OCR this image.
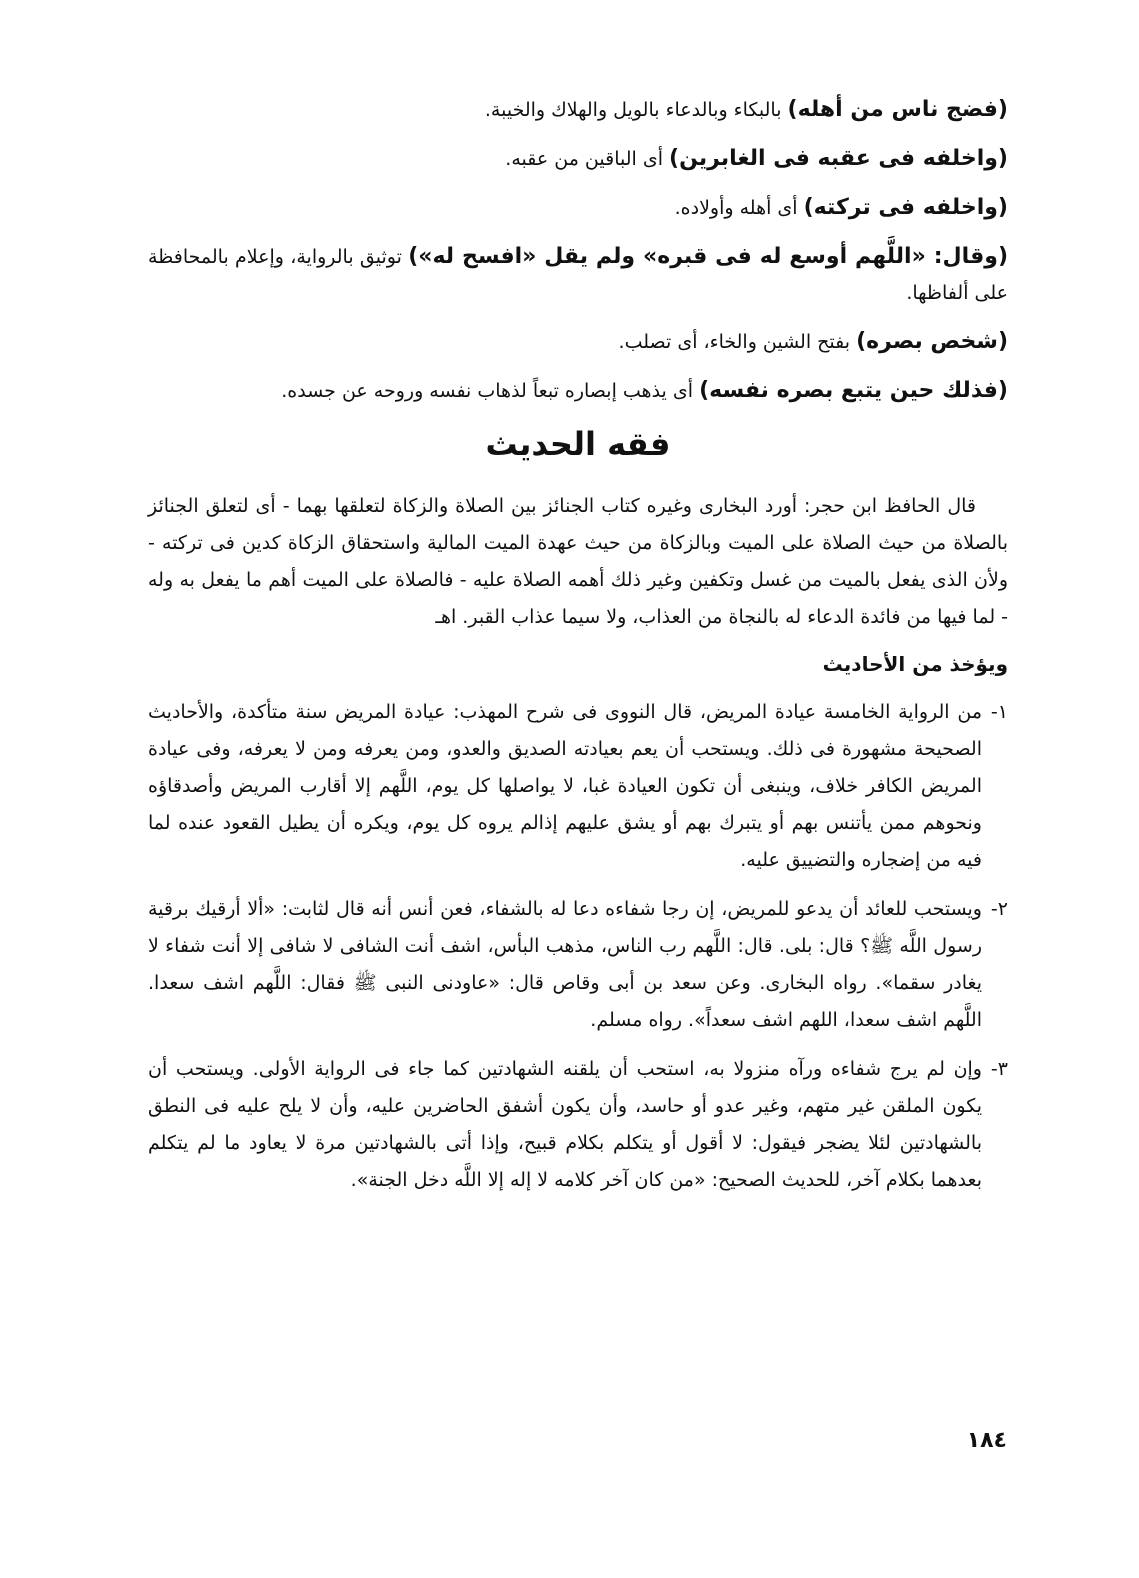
(فضج ناس من أهله) بالبكاء وبالدعاء بالويل والهلاك والخيبة.

(واخلفه فى عقبه فى الغابرين) أى الباقين من عقبه.

(واخلفه فى تركته) أى أهله وأولاده.

(وقال: «اللَّهم أوسع له فى قبره» ولم يقل «افسح له») توثيق بالرواية، وإعلام بالمحافظة على ألفاظها.

(شخص بصره) بفتح الشين والخاء، أى تصلب.

(فذلك حين يتبع بصره نفسه) أى يذهب إبصاره تبعاً لذهاب نفسه وروحه عن جسده.

فقه الحديث

قال الحافظ ابن حجر: أورد البخارى وغيره كتاب الجنائز بين الصلاة والزكاة لتعلقها بهما - أى لتعلق الجنائز بالصلاة من حيث الصلاة على الميت وبالزكاة من حيث عهدة الميت المالية واستحقاق الزكاة كدين فى تركته - ولأن الذى يفعل بالميت من غسل وتكفين وغير ذلك أهمه الصلاة عليه - فالصلاة على الميت أهم ما يفعل به وله - لما فيها من فائدة الدعاء له بالنجاة من العذاب، ولا سيما عذاب القبر. اهـ

ويؤخذ من الأحاديث
١-
من الرواية الخامسة عيادة المريض، قال النووى فى شرح المهذب: عيادة المريض سنة متأكدة، والأحاديث الصحيحة مشهورة فى ذلك. ويستحب أن يعم بعيادته الصديق والعدو، ومن يعرفه ومن لا يعرفه، وفى عيادة المريض الكافر خلاف، وينبغى أن تكون العيادة غبا، لا يواصلها كل يوم، اللَّهم إلا أقارب المريض وأصدقاؤه ونحوهم ممن يأتنس بهم أو يتبرك بهم أو يشق عليهم إذالم يروه كل يوم، ويكره أن يطيل القعود عنده لما فيه من إضجاره والتضييق عليه.
٢-
ويستحب للعائد أن يدعو للمريض، إن رجا شفاءه دعا له بالشفاء، فعن أنس أنه قال لثابت: «ألا أرقيك برقية رسول اللَّه ﷺ؟ قال: بلى. قال: اللَّهم رب الناس، مذهب البأس، اشف أنت الشافى لا شافى إلا أنت شفاء لا يغادر سقما». رواه البخارى. وعن سعد بن أبى وقاص قال: «عاودنى النبى ﷺ فقال: اللَّهم اشف سعدا. اللَّهم اشف سعدا، اللهم اشف سعداً». رواه مسلم.
٣-
وإن لم يرج شفاءه ورآه منزولا به، استحب أن يلقنه الشهادتين كما جاء فى الرواية الأولى. ويستحب أن يكون الملقن غير متهم، وغير عدو أو حاسد، وأن يكون أشفق الحاضرين عليه، وأن لا يلح عليه فى النطق بالشهادتين لئلا يضجر فيقول: لا أقول أو يتكلم بكلام قبيح، وإذا أتى بالشهادتين مرة لا يعاود ما لم يتكلم بعدهما بكلام آخر، للحديث الصحيح: «من كان آخر كلامه لا إله إلا اللَّه دخل الجنة».
١٨٤
